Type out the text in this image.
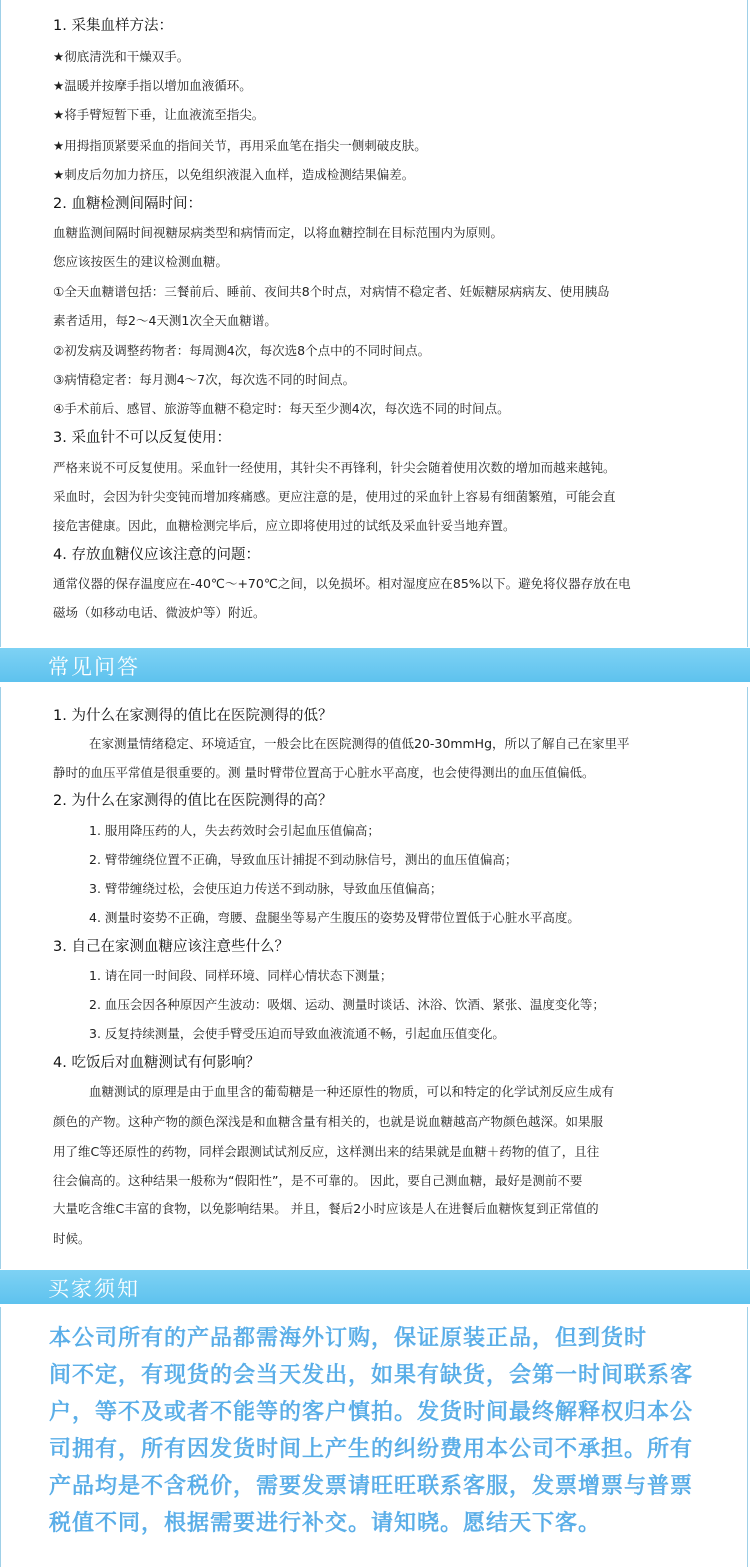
1. 采集血样方法：
★彻底清洗和干燥双手。
★温暖并按摩手指以增加血液循环。
★将手臂短暂下垂，让血液流至指尖。
★用拇指顶紧要采血的指间关节，再用采血笔在指尖一侧刺破皮肤。
★刺皮后勿加力挤压，以免组织液混入血样，造成检测结果偏差。
2. 血糖检测间隔时间：
血糖监测间隔时间视糖尿病类型和病情而定，以将血糖控制在目标范围内为原则。
您应该按医生的建议检测血糖。
①全天血糖谱包括：三餐前后、睡前、夜间共8个时点，对病情不稳定者、妊娠糖尿病病友、使用胰岛
素者适用，每2～4天测1次全天血糖谱。
②初发病及调整药物者：每周测4次，每次选8个点中的不同时间点。
③病情稳定者：每月测4～7次，每次选不同的时间点。
④手术前后、感冒、旅游等血糖不稳定时：每天至少测4次，每次选不同的时间点。
3. 采血针不可以反复使用：
严格来说不可反复使用。采血针一经使用，其针尖不再锋利，针尖会随着使用次数的增加而越来越钝。
采血时，会因为针尖变钝而增加疼痛感。更应注意的是，使用过的采血针上容易有细菌繁殖，可能会直
接危害健康。因此，血糖检测完毕后，应立即将使用过的试纸及采血针妥当地弃置。
4. 存放血糖仪应该注意的问题：
通常仪器的保存温度应在-40℃～+70℃之间，以免损坏。相对湿度应在85%以下。避免将仪器存放在电
磁场（如移动电话、微波炉等）附近。
常见问答
1. 为什么在家测得的值比在医院测得的低？
在家测量情绪稳定、环境适宜，一般会比在医院测得的值低20-30mmHg，所以了解自己在家里平
静时的血压平常值是很重要的。测 量时臂带位置高于心脏水平高度，也会使得测出的血压值偏低。
2. 为什么在家测得的值比在医院测得的高？
1. 服用降压药的人，失去药效时会引起血压值偏高；
2. 臂带缠绕位置不正确，导致血压计捕捉不到动脉信号，测出的血压值偏高；
3. 臂带缠绕过松，会使压迫力传送不到动脉，导致血压值偏高；
4. 测量时姿势不正确，弯腰、盘腿坐等易产生腹压的姿势及臂带位置低于心脏水平高度。
3. 自己在家测血糖应该注意些什么？
1. 请在同一时间段、同样环境、同样心情状态下测量；
2. 血压会因各种原因产生波动：吸烟、运动、测量时谈话、沐浴、饮酒、紧张、温度变化等；
3. 反复持续测量，会使手臂受压迫而导致血液流通不畅，引起血压值变化。
4. 吃饭后对血糖测试有何影响？
血糖测试的原理是由于血里含的葡萄糖是一种还原性的物质，可以和特定的化学试剂反应生成有
颜色的产物。这种产物的颜色深浅是和血糖含量有相关的，也就是说血糖越高产物颜色越深。如果服
用了维C等还原性的药物，同样会跟测试试剂反应，这样测出来的结果就是血糖＋药物的值了，且往
往会偏高的。这种结果一般称为“假阳性”，是不可靠的。 因此，要自己测血糖，最好是测前不要
大量吃含维C丰富的食物，以免影响结果。 并且，餐后2小时应该是人在进餐后血糖恢复到正常值的
时候。
买家须知
本公司所有的产品都需海外订购，保证原装正品，但到货时
间不定，有现货的会当天发出，如果有缺货，会第一时间联系客
户，等不及或者不能等的客户慎拍。发货时间最终解释权归本公
司拥有，所有因发货时间上产生的纠纷费用本公司不承担。所有
产品均是不含税价，需要发票请旺旺联系客服，发票增票与普票
税值不同，根据需要进行补交。请知晓。愿结天下客。
